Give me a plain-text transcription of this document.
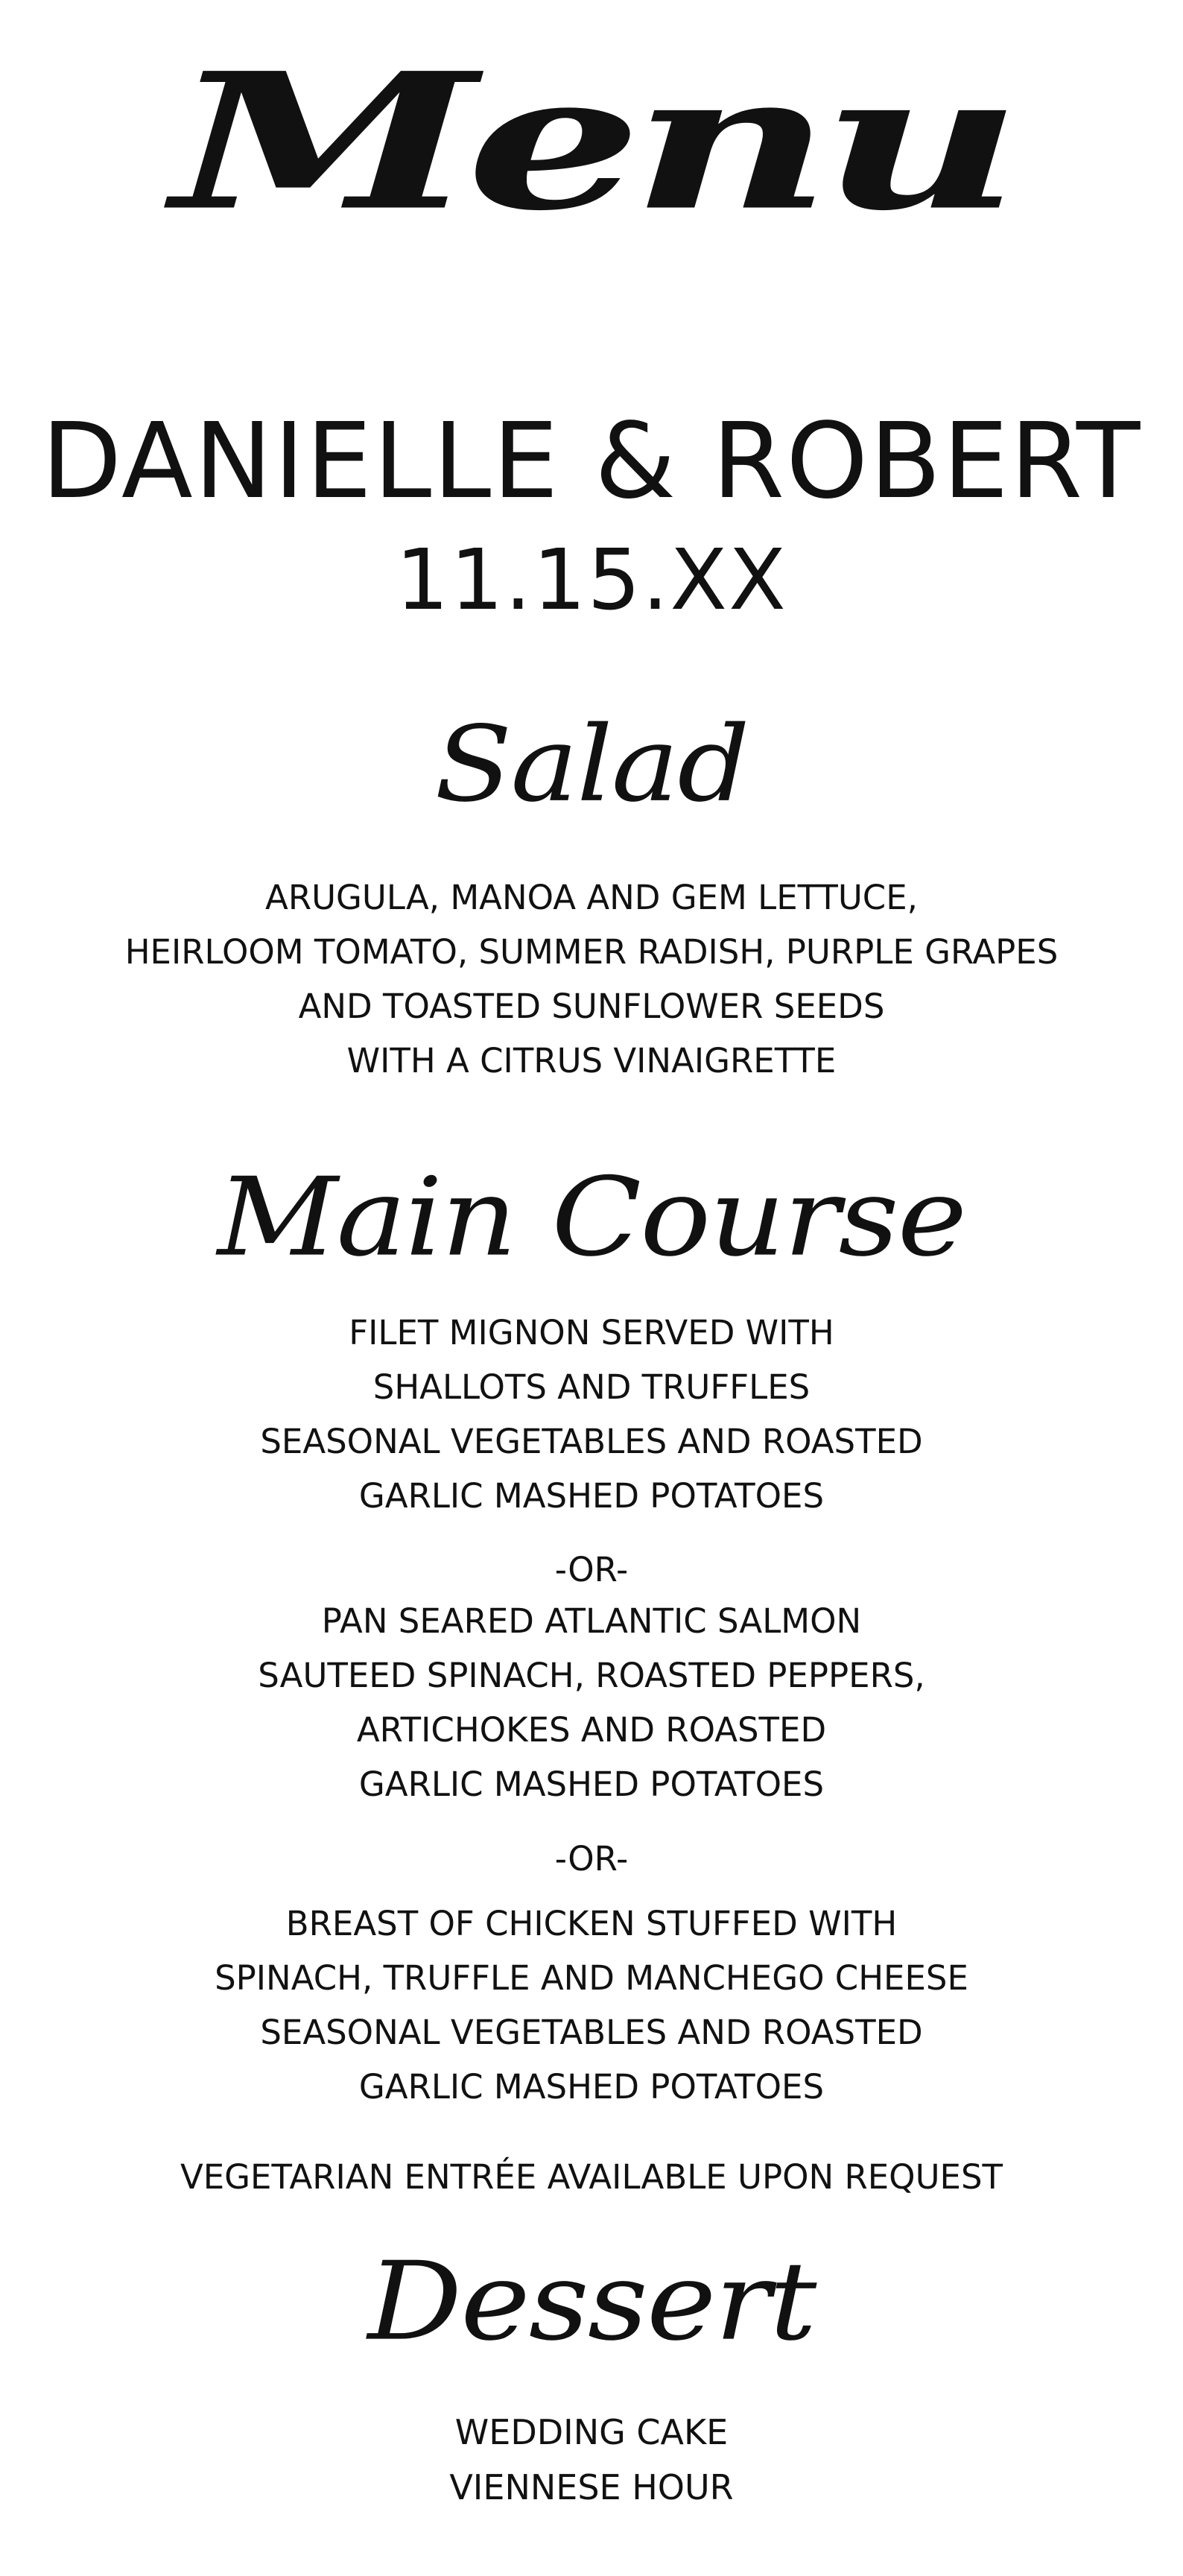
Menu
DANIELLE & ROBERT
11.15.XX
Salad
ARUGULA, MANOA AND GEM LETTUCE,
HEIRLOOM TOMATO, SUMMER RADISH, PURPLE GRAPES
AND TOASTED SUNFLOWER SEEDS
WITH A CITRUS VINAIGRETTE
Main Course
FILET MIGNON SERVED WITH
SHALLOTS AND TRUFFLES
SEASONAL VEGETABLES AND ROASTED
GARLIC MASHED POTATOES
-OR-
PAN SEARED ATLANTIC SALMON
SAUTEED SPINACH, ROASTED PEPPERS,
ARTICHOKES AND ROASTED
GARLIC MASHED POTATOES
-OR-
BREAST OF CHICKEN STUFFED WITH
SPINACH, TRUFFLE AND MANCHEGO CHEESE
SEASONAL VEGETABLES AND ROASTED
GARLIC MASHED POTATOES
VEGETARIAN ENTRÉE AVAILABLE UPON REQUEST
Dessert
WEDDING CAKE
VIENNESE HOUR
